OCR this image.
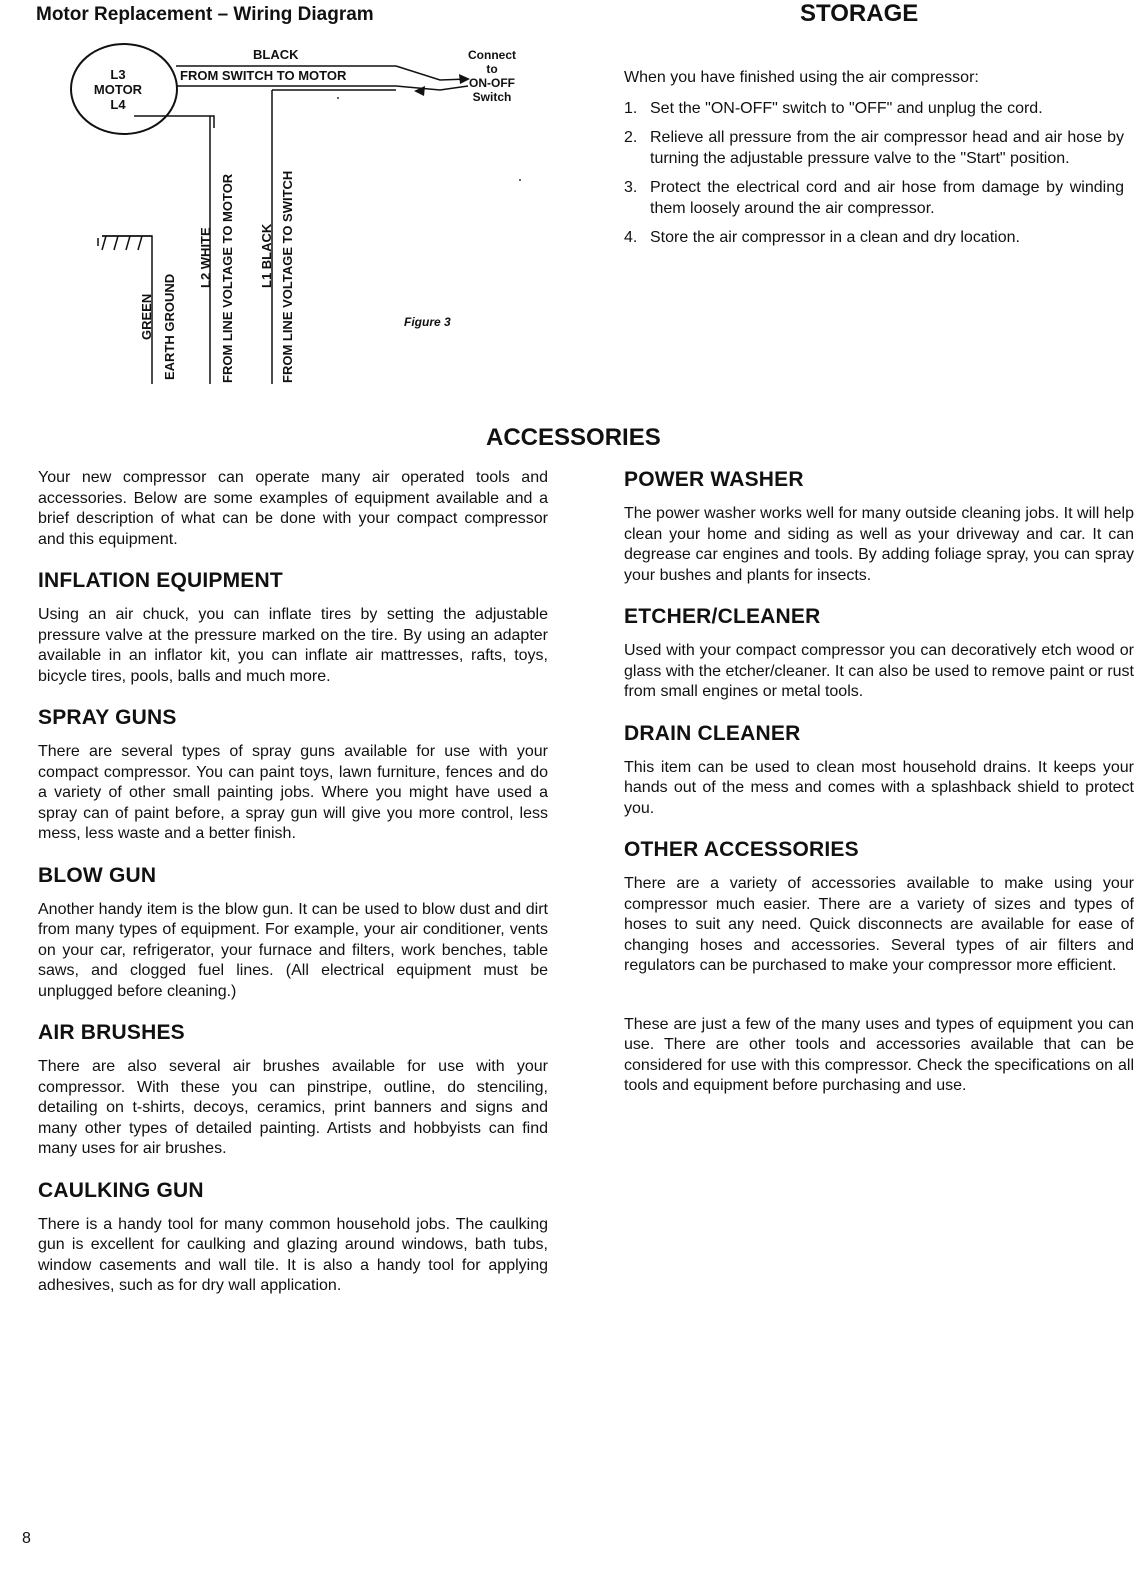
Motor Replacement – Wiring Diagram
L3
MOTOR
L4
BLACK
FROM SWITCH TO MOTOR
Connect
to
ON-OFF
Switch
GREEN EARTH GROUND
L2 WHITE FROM LINE VOLTAGE TO MOTOR L1 BLACK FROM LINE VOLTAGE TO SWITCH	Figure 3
STORAGE

When you have finished using the air compressor:

1. Set the "ON-OFF" switch to "OFF" and unplug the cord.
2. Relieve all pressure from the air compressor head and air hose by turning the adjustable pressure valve to the "Start" position.
3. Protect the electrical cord and air hose from damage by winding them loosely around the air compressor.
4. Store the air compressor in a clean and dry location.
ACCESSORIES

Your new compressor can operate many air operated tools and accessories. Below are some examples of equipment available and a brief description of what can be done with your compact compressor and this equipment.

INFLATION EQUIPMENT

Using an air chuck, you can inflate tires by setting the adjustable pressure valve at the pressure marked on the tire. By using an adapter available in an inflator kit, you can inflate air mattresses, rafts, toys, bicycle tires, pools, balls and much more.

SPRAY GUNS

There are several types of spray guns available for use with your compact compressor. You can paint toys, lawn furniture, fences and do a variety of other small painting jobs. Where you might have used a spray can of paint before, a spray gun will give you more control, less mess, less waste and a better finish.

BLOW GUN

Another handy item is the blow gun. It can be used to blow dust and dirt from many types of equipment. For example, your air conditioner, vents on your car, refrigerator, your furnace and filters, work benches, table saws, and clogged fuel lines. (All electrical equipment must be unplugged before cleaning.)

AIR BRUSHES

There are also several air brushes available for use with your compressor. With these you can pinstripe, outline, do stenciling, detailing on t-shirts, decoys, ceramics, print banners and signs and many other types of detailed painting. Artists and hobbyists can find many uses for air brushes.

CAULKING GUN

There is a handy tool for many common household jobs. The caulking gun is excellent for caulking and glazing around windows, bath tubs, window casements and wall tile. It is also a handy tool for applying adhesives, such as for dry wall application.

POWER WASHER

The power washer works well for many outside cleaning jobs. It will help clean your home and siding as well as your driveway and car. It can degrease car engines and tools. By adding foliage spray, you can spray your bushes and plants for insects.

ETCHER/CLEANER

Used with your compact compressor you can decoratively etch wood or glass with the etcher/cleaner. It can also be used to remove paint or rust from small engines or metal tools.

DRAIN CLEANER

This item can be used to clean most household drains. It keeps your hands out of the mess and comes with a splashback shield to protect you.

OTHER ACCESSORIES

There are a variety of accessories available to make using your compressor much easier. There are a variety of sizes and types of hoses to suit any need. Quick disconnects are available for ease of changing hoses and accessories. Several types of air filters and regulators can be purchased to make your compressor more efficient.

These are just a few of the many uses and types of equipment you can use. There are other tools and accessories available that can be considered for use with this compressor. Check the specifications on all tools and equipment before purchasing and use.

8
